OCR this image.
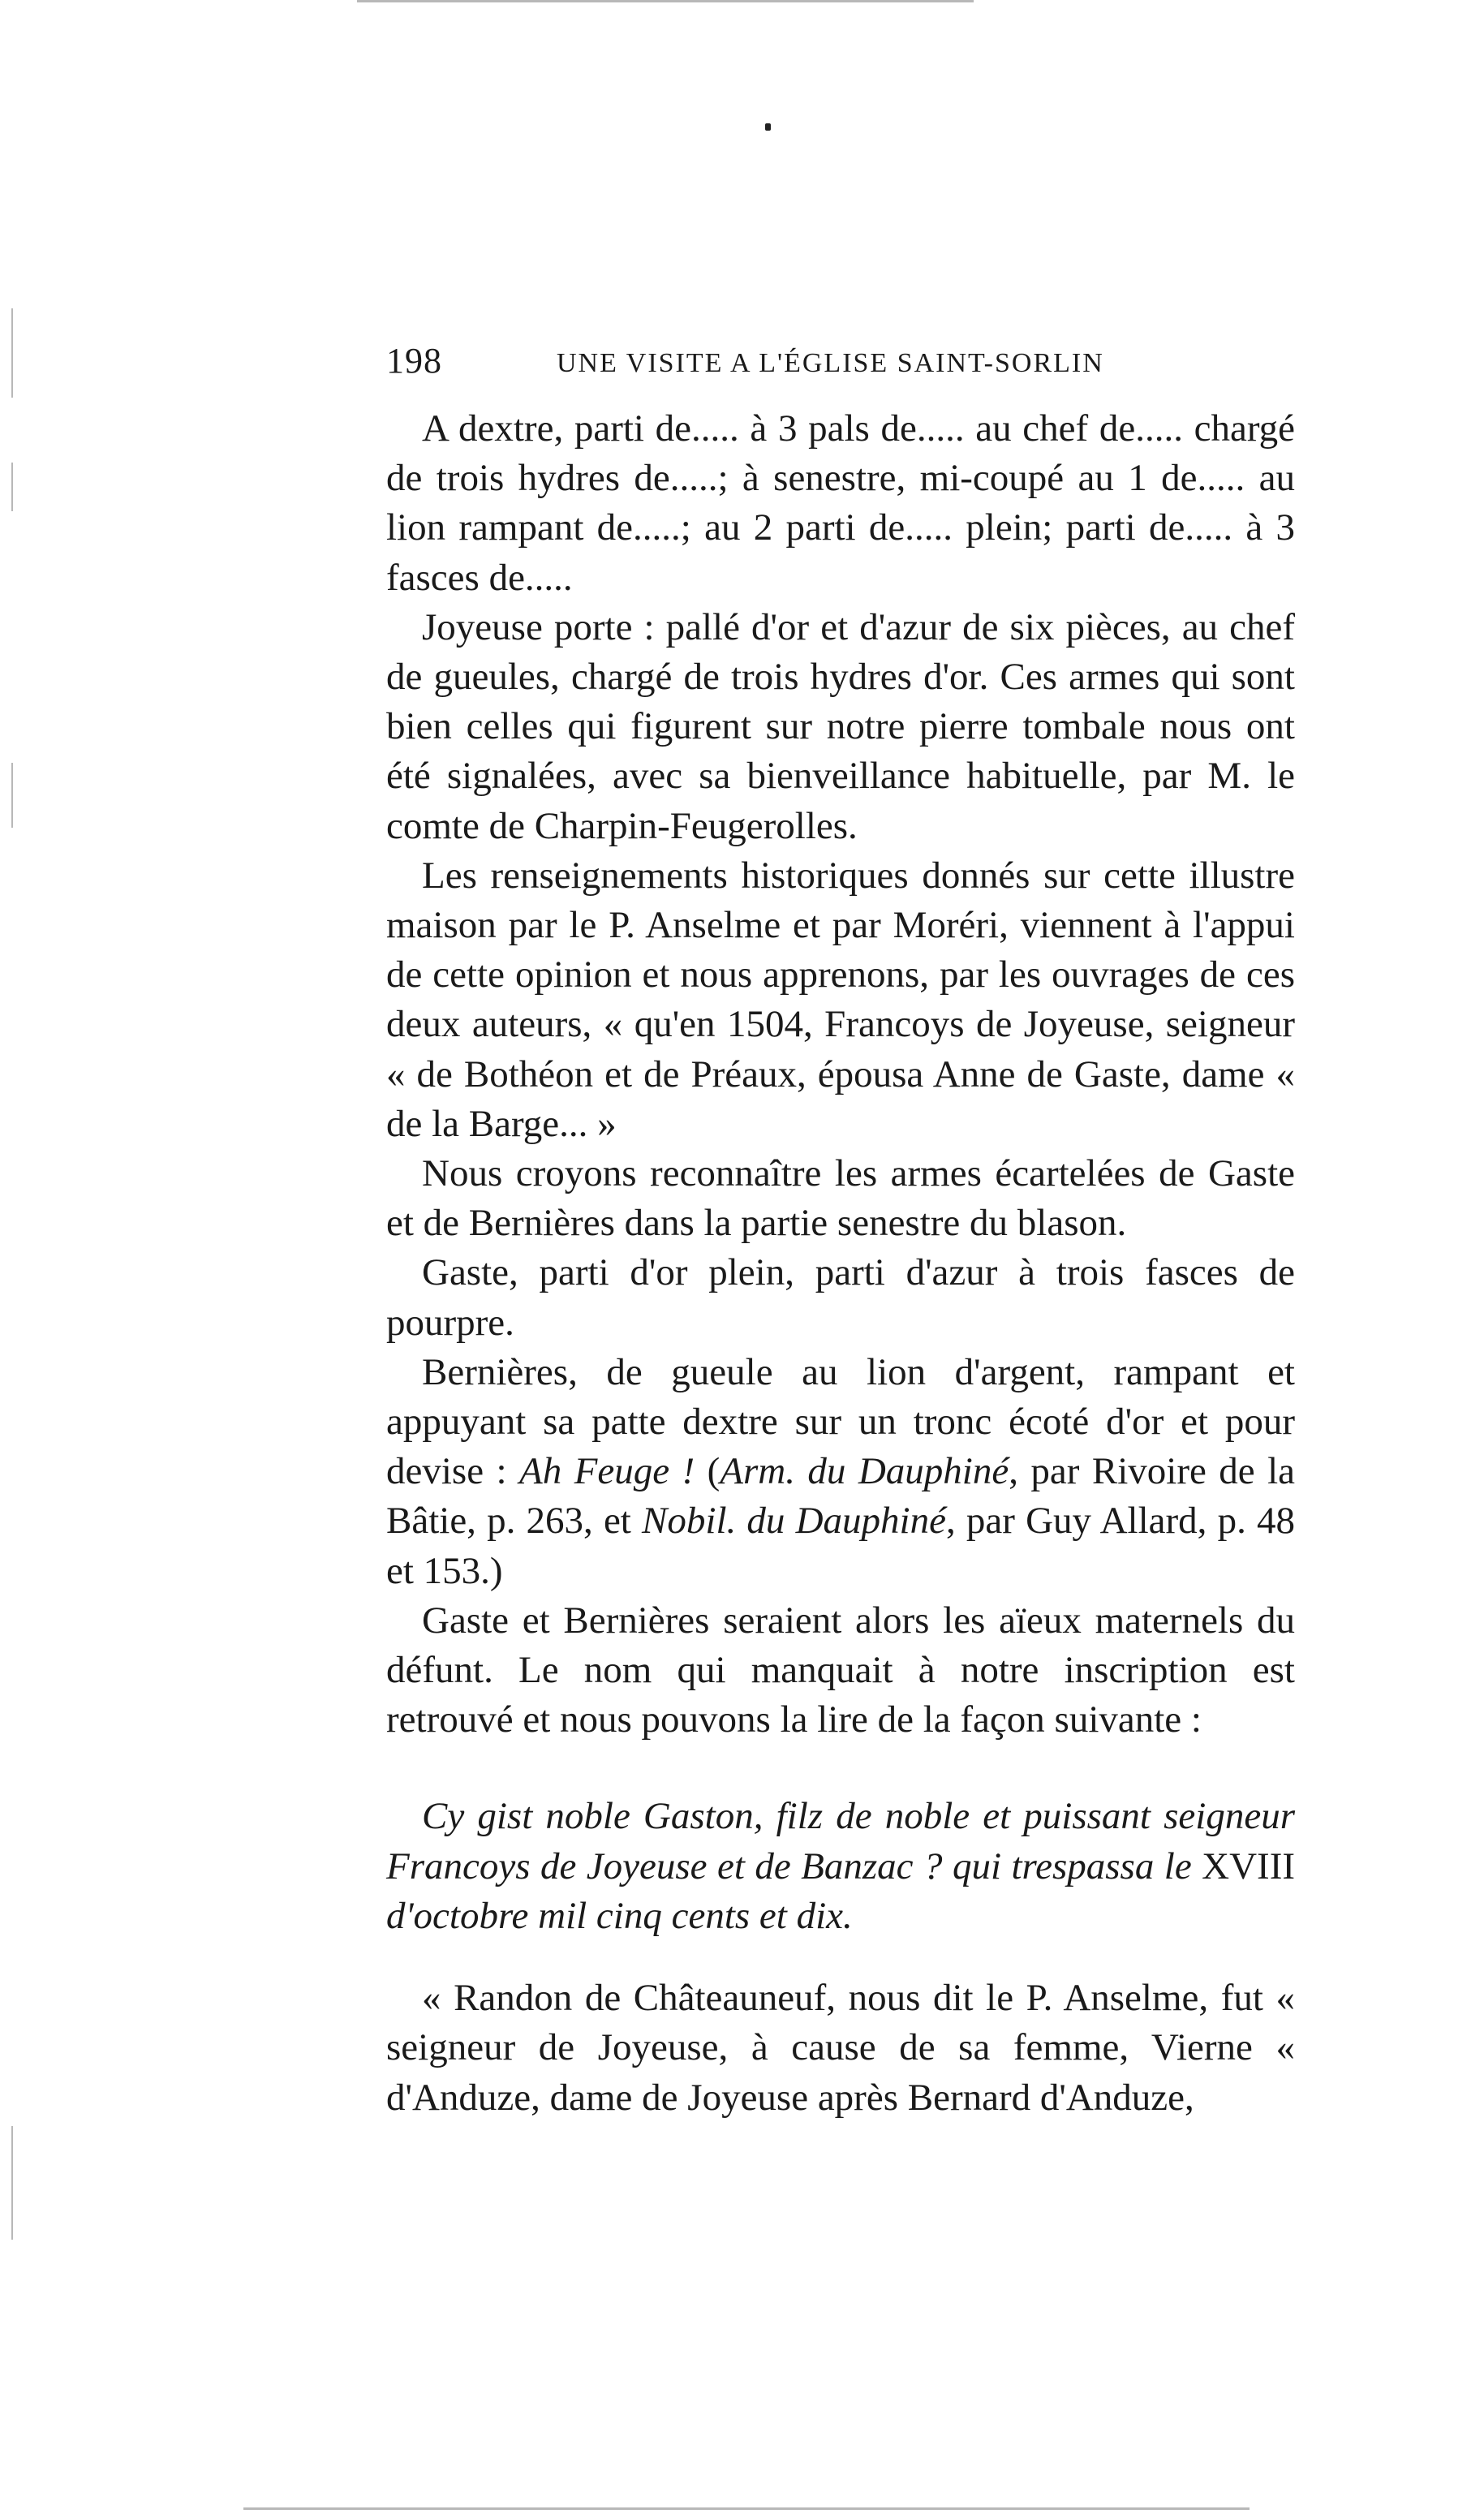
198	UNE VISITE A L'ÉGLISE SAINT-SORLIN

A dextre, parti de..... à 3 pals de..... au chef de..... chargé de trois hydres de.....; à senestre, mi-coupé au 1 de..... au lion rampant de.....; au 2 parti de..... plein; parti de..... à 3 fasces de.....

Joyeuse porte : pallé d'or et d'azur de six pièces, au chef de gueules, chargé de trois hydres d'or. Ces armes qui sont bien celles qui figurent sur notre pierre tombale nous ont été signalées, avec sa bienveillance habituelle, par M. le comte de Charpin-Feugerolles.

Les renseignements historiques donnés sur cette illustre maison par le P. Anselme et par Moréri, viennent à l'appui de cette opinion et nous apprenons, par les ouvrages de ces deux auteurs, « qu'en 1504, Francoys de Joyeuse, seigneur « de Bothéon et de Préaux, épousa Anne de Gaste, dame « de la Barge... »

Nous croyons reconnaître les armes écartelées de Gaste et de Bernières dans la partie senestre du blason.

Gaste, parti d'or plein, parti d'azur à trois fasces de pourpre.

Bernières, de gueule au lion d'argent, rampant et appuyant sa patte dextre sur un tronc écoté d'or et pour devise : Ah Feuge ! (Arm. du Dauphiné, par Rivoire de la Bâtie, p. 263, et Nobil. du Dauphiné, par Guy Allard, p. 48 et 153.)

Gaste et Bernières seraient alors les aïeux maternels du défunt. Le nom qui manquait à notre inscription est retrouvé et nous pouvons la lire de la façon suivante :

Cy gist noble Gaston, filz de noble et puissant seigneur Francoys de Joyeuse et de Banzac ? qui trespassa le XVIII d'octobre mil cinq cents et dix.

« Randon de Châteauneuf, nous dit le P. Anselme, fut « seigneur de Joyeuse, à cause de sa femme, Vierne « d'Anduze, dame de Joyeuse après Bernard d'Anduze,
